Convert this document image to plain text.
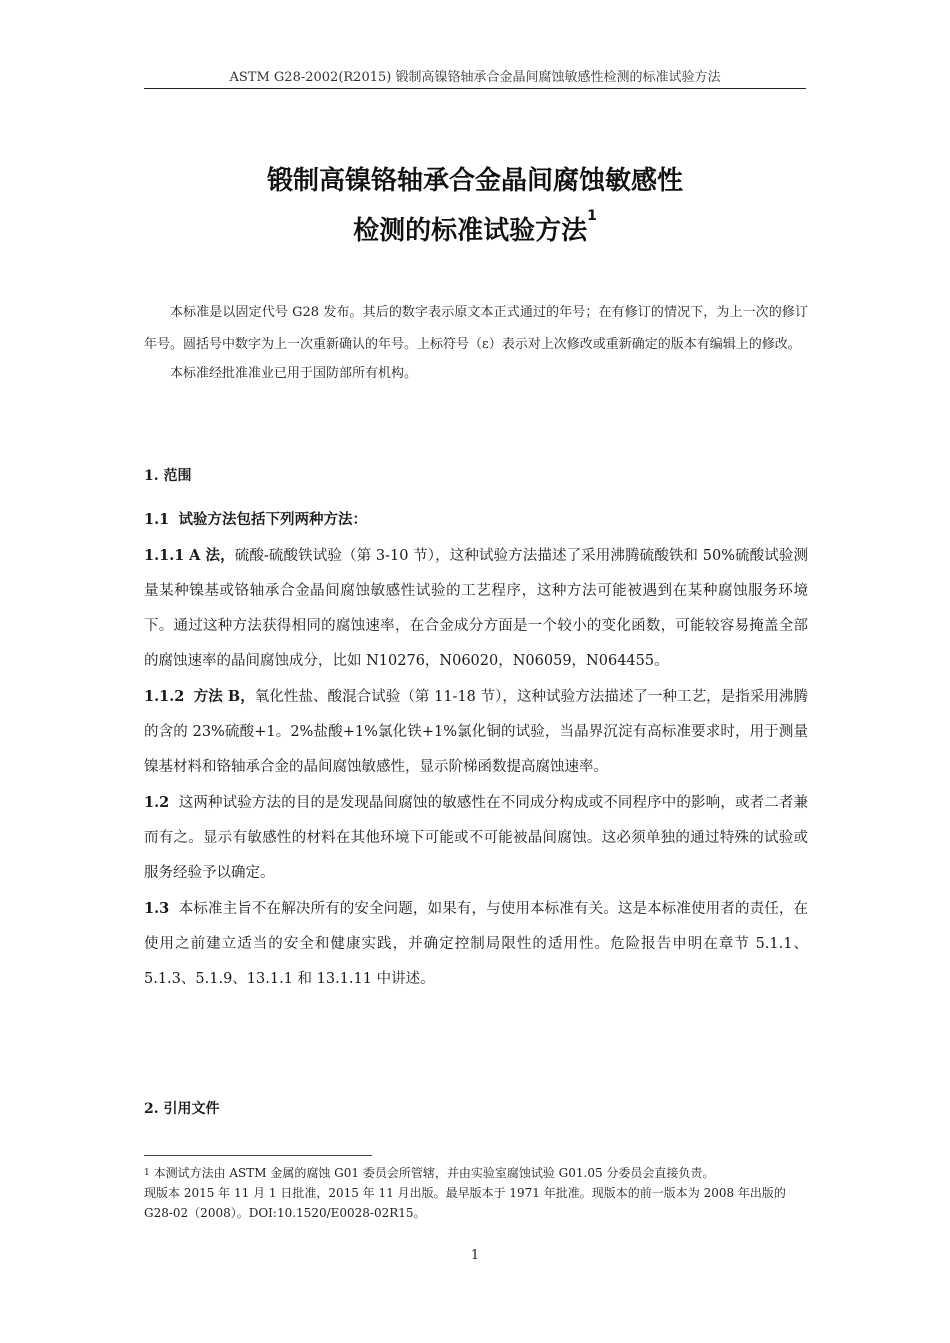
ASTM G28-2002(R2015) 锻制高镍铬轴承合金晶间腐蚀敏感性检测的标准试验方法
锻制高镍铬轴承合金晶间腐蚀敏感性
检测的标准试验方法$^1$

本标准是以固定代号 G28 发布。其后的数字表示原文本正式通过的年号；在有修订的情况下，为上一次的修订年号。圆括号中数字为上一次重新确认的年号。上标符号（ε）表示对上次修改或重新确定的版本有编辑上的修改。

本标准经批准准业已用于国防部所有机构。

1. 范围

1.1 试验方法包括下列两种方法：

1.1.1 A 法，硫酸-硫酸铁试验（第 3-10 节），这种试验方法描述了采用沸腾硫酸铁和 50%硫酸试验测量某种镍基或铬轴承合金晶间腐蚀敏感性试验的工艺程序，这种方法可能被遇到在某种腐蚀服务环境下。通过这种方法获得相同的腐蚀速率，在合金成分方面是一个较小的变化函数，可能较容易掩盖全部的腐蚀速率的晶间腐蚀成分，比如 N10276，N06020，N06059，N064455。

1.1.2 方法 B，氧化性盐、酸混合试验（第 11-18 节），这种试验方法描述了一种工艺，是指采用沸腾的含的 23%硫酸+1。2%盐酸+1%氯化铁+1%氯化铜的试验，当晶界沉淀有高标准要求时，用于测量镍基材料和铬轴承合金的晶间腐蚀敏感性，显示阶梯函数提高腐蚀速率。

1.2 这两种试验方法的目的是发现晶间腐蚀的敏感性在不同成分构成或不同程序中的影响，或者二者兼而有之。显示有敏感性的材料在其他环境下可能或不可能被晶间腐蚀。这必须单独的通过特殊的试验或服务经验予以确定。

1.3 本标准主旨不在解决所有的安全问题，如果有，与使用本标准有关。这是本标准使用者的责任，在使用之前建立适当的安全和健康实践，并确定控制局限性的适用性。危险报告申明在章节 5.1.1、5.1.3、5.1.9、13.1.1 和 13.1.11 中讲述。

2. 引用文件

$^1$ 本测试方法由 ASTM 金属的腐蚀 G01 委员会所管辖，并由实验室腐蚀试验 G01.05 分委员会直接负责。

现版本 2015 年 11 月 1 日批准，2015 年 11 月出版。最早版本于 1971 年批准。现版本的前一版本为 2008 年出版的 G28-02（2008）。DOI:10.1520/E0028-02R15。

1
